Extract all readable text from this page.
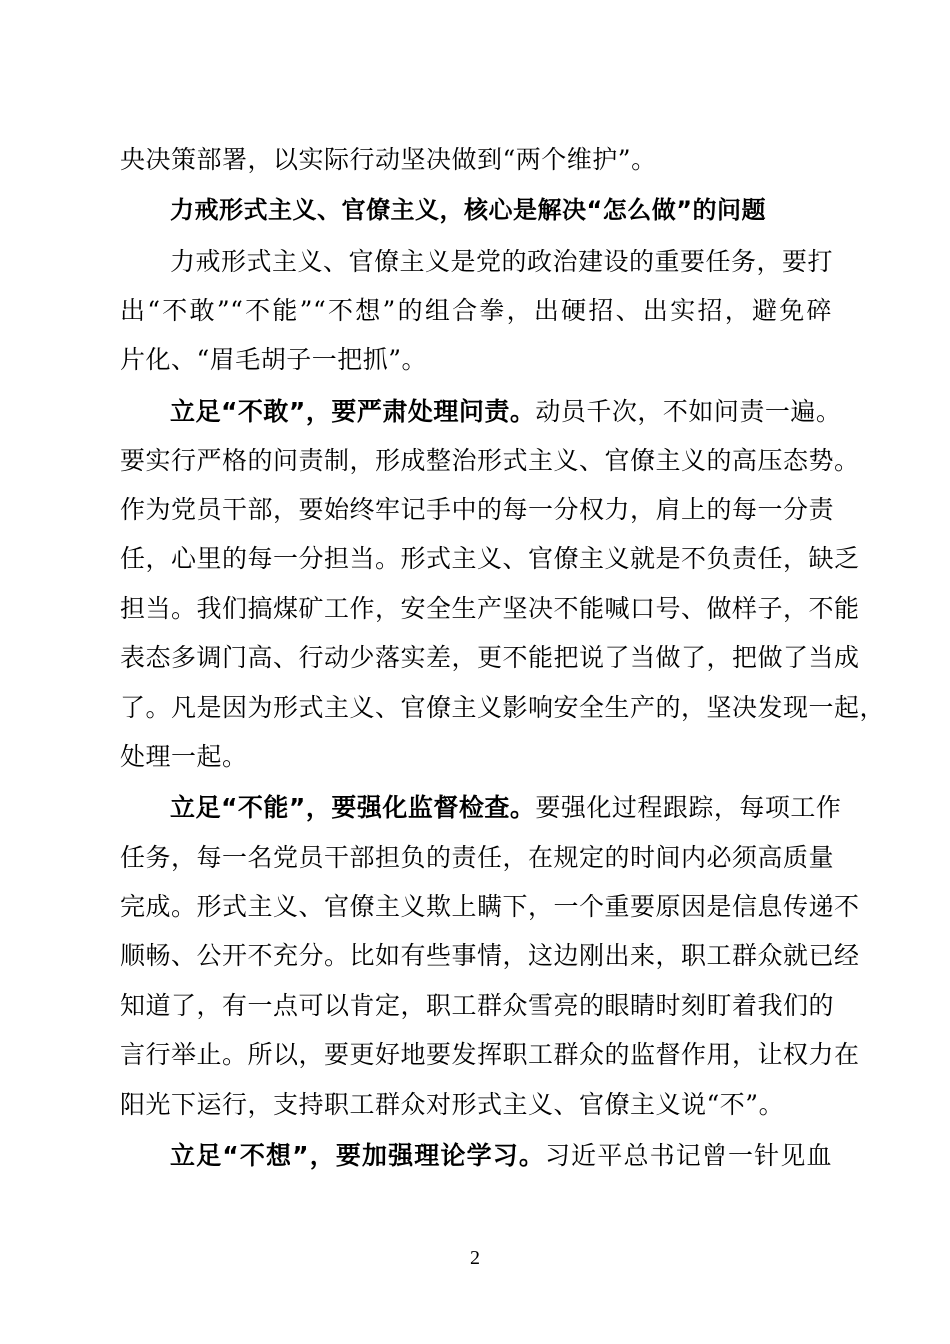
央决策部署，以实际行动坚决做到“两个维护”。
力戒形式主义、官僚主义，核心是解决“怎么做”的问题
力戒形式主义、官僚主义是党的政治建设的重要任务，要打
出“不敢”“不能”“不想”的组合拳，出硬招、出实招，避免碎
片化、“眉毛胡子一把抓”。
立足“不敢”，要严肃处理问责。动员千次，不如问责一遍。
要实行严格的问责制，形成整治形式主义、官僚主义的高压态势。
作为党员干部，要始终牢记手中的每一分权力，肩上的每一分责
任，心里的每一分担当。形式主义、官僚主义就是不负责任，缺乏
担当。我们搞煤矿工作，安全生产坚决不能喊口号、做样子，不能
表态多调门高、行动少落实差，更不能把说了当做了，把做了当成
了。凡是因为形式主义、官僚主义影响安全生产的，坚决发现一起，
处理一起。
立足“不能”，要强化监督检查。要强化过程跟踪，每项工作
任务，每一名党员干部担负的责任，在规定的时间内必须高质量
完成。形式主义、官僚主义欺上瞒下，一个重要原因是信息传递不
顺畅、公开不充分。比如有些事情，这边刚出来，职工群众就已经
知道了，有一点可以肯定，职工群众雪亮的眼睛时刻盯着我们的
言行举止。所以，要更好地要发挥职工群众的监督作用，让权力在
阳光下运行，支持职工群众对形式主义、官僚主义说“不”。
立足“不想”，要加强理论学习。习近平总书记曾一针见血
2
